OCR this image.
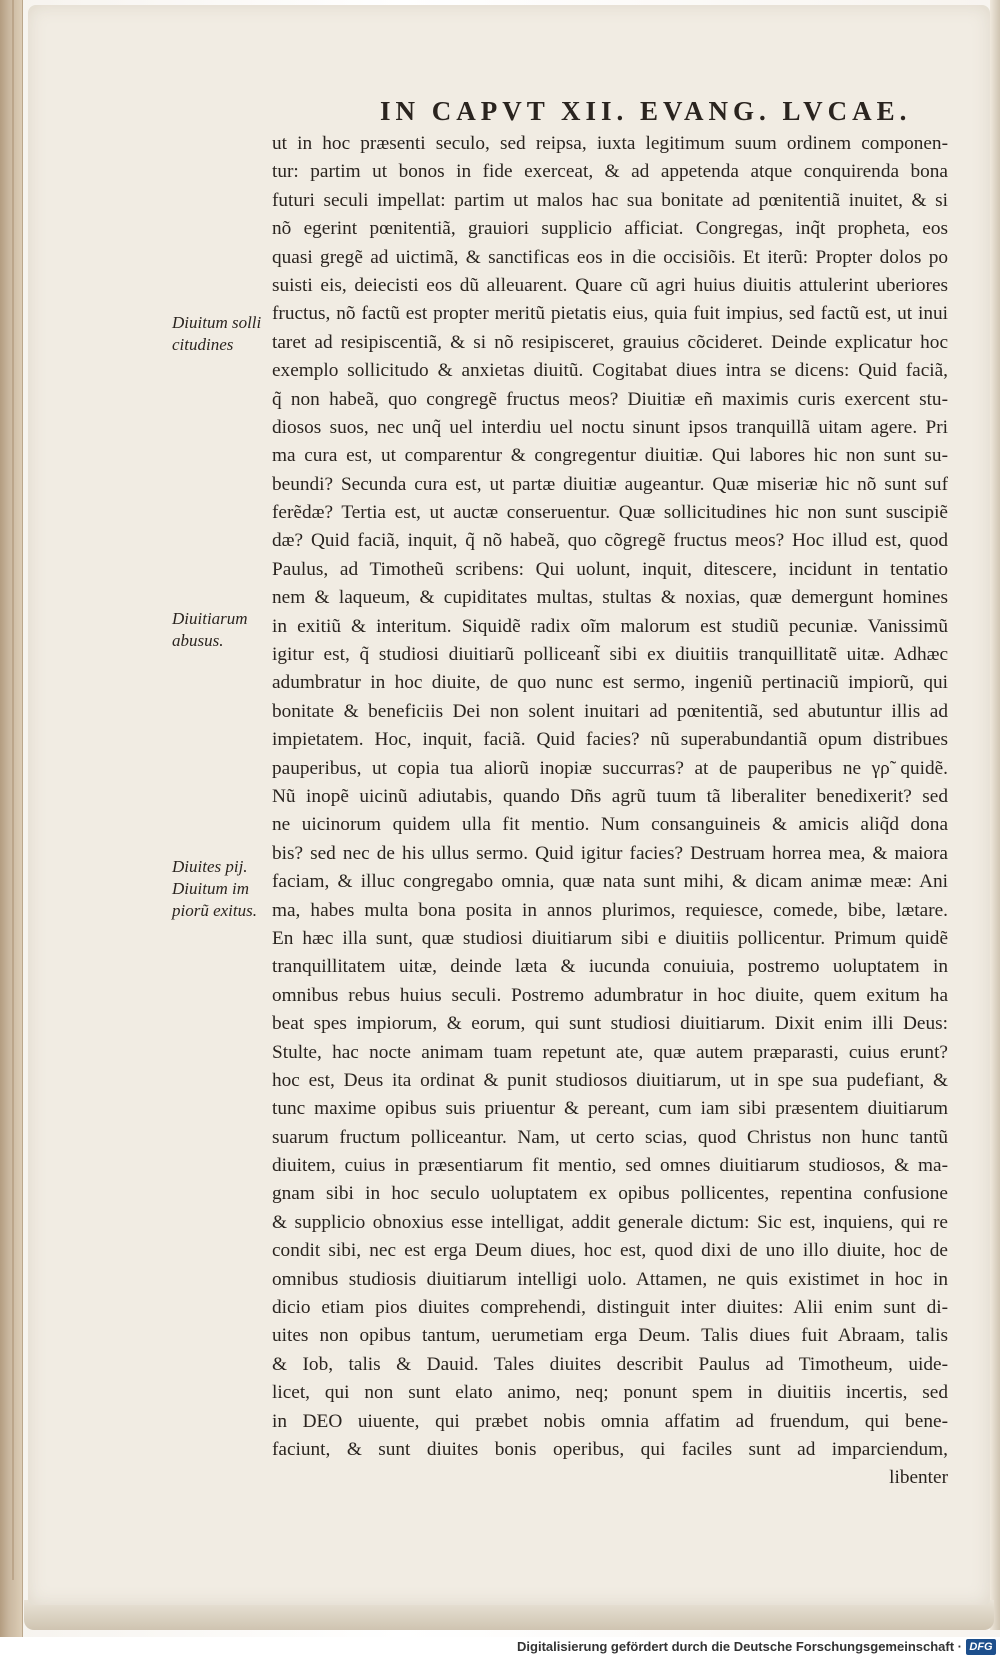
IN CAPVT XII. EVANG. LVCAE.
ut in hoc præsenti seculo, sed reipsa, iuxta legitimum suum ordinem componen-
tur: partim ut bonos in fide exerceat, & ad appetenda atque conquirenda bona
futuri seculi impellat: partim ut malos hac sua bonitate ad pœnitentiã inuitet, & si
nõ egerint pœnitentiã, grauiori supplicio afficiat. Congregas, inq̃t propheta, eos
quasi gregẽ ad uictimã, & sanctificas eos in die occisiõis. Et iterũ: Propter dolos po
suisti eis, deiecisti eos dũ alleuarent. Quare cũ agri huius diuitis attulerint uberiores
fructus, nõ factũ est propter meritũ pietatis eius, quia fuit impius, sed factũ est, ut inui
taret ad resipiscentiã, & si nõ resipisceret, grauius cõcideret. Deinde explicatur hoc
exemplo sollicitudo & anxietas diuitũ. Cogitabat diues intra se dicens: Quid faciã,
q̃ non habeã, quo congregẽ fructus meos? Diuitiæ eñ maximis curis exercent stu-
diosos suos, nec unq̃ uel interdiu uel noctu sinunt ipsos tranquillã uitam agere. Pri
ma cura est, ut comparentur & congregentur diuitiæ. Qui labores hic non sunt su-
beundi? Secunda cura est, ut partæ diuitiæ augeantur. Quæ miseriæ hic nõ sunt suf
ferẽdæ? Tertia est, ut auctæ conseruentur. Quæ sollicitudines hic non sunt suscipiẽ
dæ? Quid faciã, inquit, q̃ nõ habeã, quo cõgregẽ fructus meos? Hoc illud est, quod
Paulus, ad Timotheũ scribens: Qui uolunt, inquit, ditescere, incidunt in tentatio
nem & laqueum, & cupiditates multas, stultas & noxias, quæ demergunt homines
in exitiũ & interitum. Siquidẽ radix oĩm malorum est studiũ pecuniæ. Vanissimũ
igitur est, q̃ studiosi diuitiarũ polliceant̃ sibi ex diuitiis tranquillitatẽ uitæ. Adhæc
adumbratur in hoc diuite, de quo nunc est sermo, ingeniũ pertinaciũ impiorũ, qui
bonitate & beneficiis Dei non solent inuitari ad pœnitentiã, sed abutuntur illis ad
impietatem. Hoc, inquit, faciã. Quid facies? nũ superabundantiã opum distribues
pauperibus, ut copia tua aliorũ inopiæ succurras? at de pauperibus ne γρ̃ quidẽ.
Nũ inopẽ uicinũ adiutabis, quando Dñs agrũ tuum tã liberaliter benedixerit? sed
ne uicinorum quidem ulla fit mentio. Num consanguineis & amicis aliq̃d dona
bis? sed nec de his ullus sermo. Quid igitur facies? Destruam horrea mea, & maiora
faciam, & illuc congregabo omnia, quæ nata sunt mihi, & dicam animæ meæ: Ani
ma, habes multa bona posita in annos plurimos, requiesce, comede, bibe, lætare.
En hæc illa sunt, quæ studiosi diuitiarum sibi e diuitiis pollicentur. Primum quidẽ
tranquillitatem uitæ, deinde læta & iucunda conuiuia, postremo uoluptatem in
omnibus rebus huius seculi. Postremo adumbratur in hoc diuite, quem exitum ha
beat spes impiorum, & eorum, qui sunt studiosi diuitiarum. Dixit enim illi Deus:
Stulte, hac nocte animam tuam repetunt ate, quæ autem præparasti, cuius erunt?
hoc est, Deus ita ordinat & punit studiosos diuitiarum, ut in spe sua pudefiant, &
tunc maxime opibus suis priuentur & pereant, cum iam sibi præsentem diuitiarum
suarum fructum polliceantur. Nam, ut certo scias, quod Christus non hunc tantũ
diuitem, cuius in præsentiarum fit mentio, sed omnes diuitiarum studiosos, & ma-
gnam sibi in hoc seculo uoluptatem ex opibus pollicentes, repentina confusione
& supplicio obnoxius esse intelligat, addit generale dictum: Sic est, inquiens, qui re
condit sibi, nec est erga Deum diues, hoc est, quod dixi de uno illo diuite, hoc de
omnibus studiosis diuitiarum intelligi uolo. Attamen, ne quis existimet in hoc in
dicio etiam pios diuites comprehendi, distinguit inter diuites: Alii enim sunt di-
uites non opibus tantum, uerumetiam erga Deum. Talis diues fuit Abraam, talis
& Iob, talis & Dauid. Tales diuites describit Paulus ad Timotheum, uide-
licet, qui non sunt elato animo, neq; ponunt spem in diuitiis incertis, sed
in DEO uiuente, qui præbet nobis omnia affatim ad fruendum, qui bene-
faciunt, & sunt diuites bonis operibus, qui faciles sunt ad imparciendum,
libenter
Diuitum solli citudines
Diuitiarum abusus.
Diuites pij. Diuitum im piorũ exitus.
Digitalisierung gefördert durch die Deutsche Forschungsgemeinschaft · DFG
